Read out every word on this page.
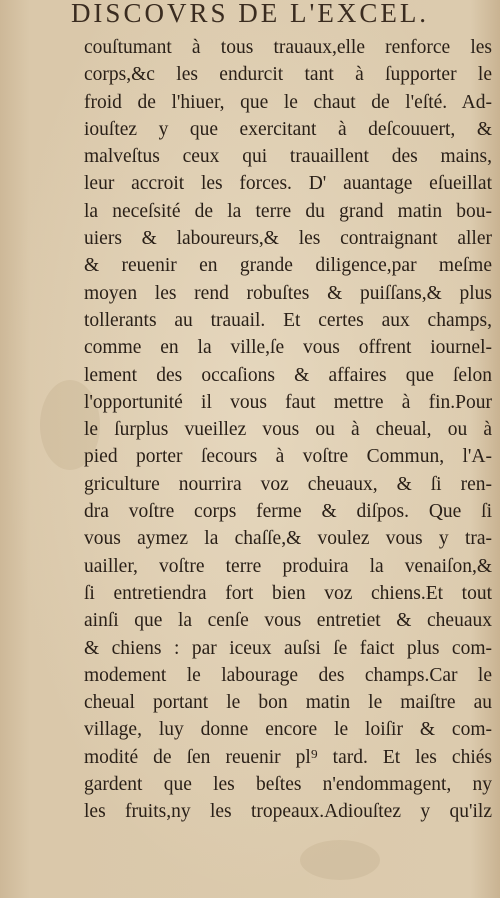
DISCOVRS DE L'EXCEL.
couſtumant à tous trauaux,elle renforce les
corps,&c les endurcit tant à ſupporter le
froid de l'hiuer, que le chaut de l'eſté. Ad-
iouſtez y que exercitant à deſcouuert, &
malveſtus ceux qui trauaillent des mains,
leur accroit les forces. D' auantage eſueillat
la neceſsité de la terre du grand matin bou-
uiers & laboureurs,& les contraignant aller
& reuenir en grande diligence,par meſme
moyen les rend robuſtes & puiſſans,& plus
tollerants au trauail. Et certes aux champs,
comme en la ville,ſe vous offrent iournel-
lement des occaſions & affaires que ſelon
l'opportunité il vous faut mettre à fin.Pour
le ſurplus vueillez vous ou à cheual, ou à
pied porter ſecours à voſtre Commun, l'A-
griculture nourrira voz cheuaux, & ſi ren-
dra voſtre corps ferme & diſpos. Que ſi
vous aymez la chaſſe,& voulez vous y tra-
uailler, voſtre terre produira la venaiſon,&
ſi entretiendra fort bien voz chiens.Et tout
ainſi que la cenſe vous entretiet & cheuaux
& chiens : par iceux auſsi ſe faict plus com-
modement le labourage des champs.Car le
cheual portant le bon matin le maiſtre au
village, luy donne encore le loiſir & com-
modité de ſen reuenir pl⁹ tard. Et les chiés
gardent que les beſtes n'endommagent, ny
les fruits,ny les tropeaux.Adiouſtez y qu'ilz
